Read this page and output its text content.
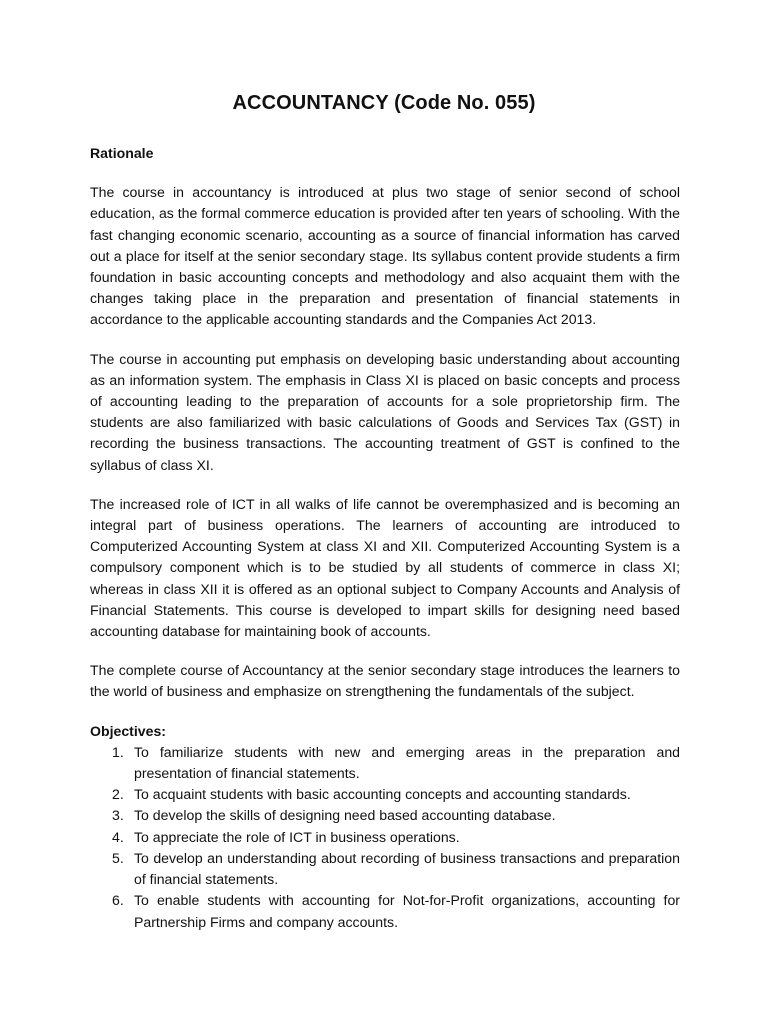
ACCOUNTANCY (Code No. 055)

Rationale

The course in accountancy is introduced at plus two stage of senior second of school education, as the formal commerce education is provided after ten years of schooling. With the fast changing economic scenario, accounting as a source of financial information has carved out a place for itself at the senior secondary stage. Its syllabus content provide students a firm foundation in basic accounting concepts and methodology and also acquaint them with the changes taking place in the preparation and presentation of financial statements in accordance to the applicable accounting standards and the Companies Act 2013.

The course in accounting put emphasis on developing basic understanding about accounting as an information system. The emphasis in Class XI is placed on basic concepts and process of accounting leading to the preparation of accounts for a sole proprietorship firm. The students are also familiarized with basic calculations of Goods and Services Tax (GST) in recording the business transactions. The accounting treatment of GST is confined to the syllabus of class XI.

The increased role of ICT in all walks of life cannot be overemphasized and is becoming an integral part of business operations. The learners of accounting are introduced to Computerized Accounting System at class XI and XII. Computerized Accounting System is a compulsory component which is to be studied by all students of commerce in class XI; whereas in class XII it is offered as an optional subject to Company Accounts and Analysis of Financial Statements. This course is developed to impart skills for designing need based accounting database for maintaining book of accounts.

The complete course of Accountancy at the senior secondary stage introduces the learners to the world of business and emphasize on strengthening the fundamentals of the subject.

Objectives:

1. To familiarize students with new and emerging areas in the preparation and presentation of financial statements.
2. To acquaint students with basic accounting concepts and accounting standards.
3. To develop the skills of designing need based accounting database.
4. To appreciate the role of ICT in business operations.
5. To develop an understanding about recording of business transactions and preparation of financial statements.
6. To enable students with accounting for Not-for-Profit organizations, accounting for Partnership Firms and company accounts.
